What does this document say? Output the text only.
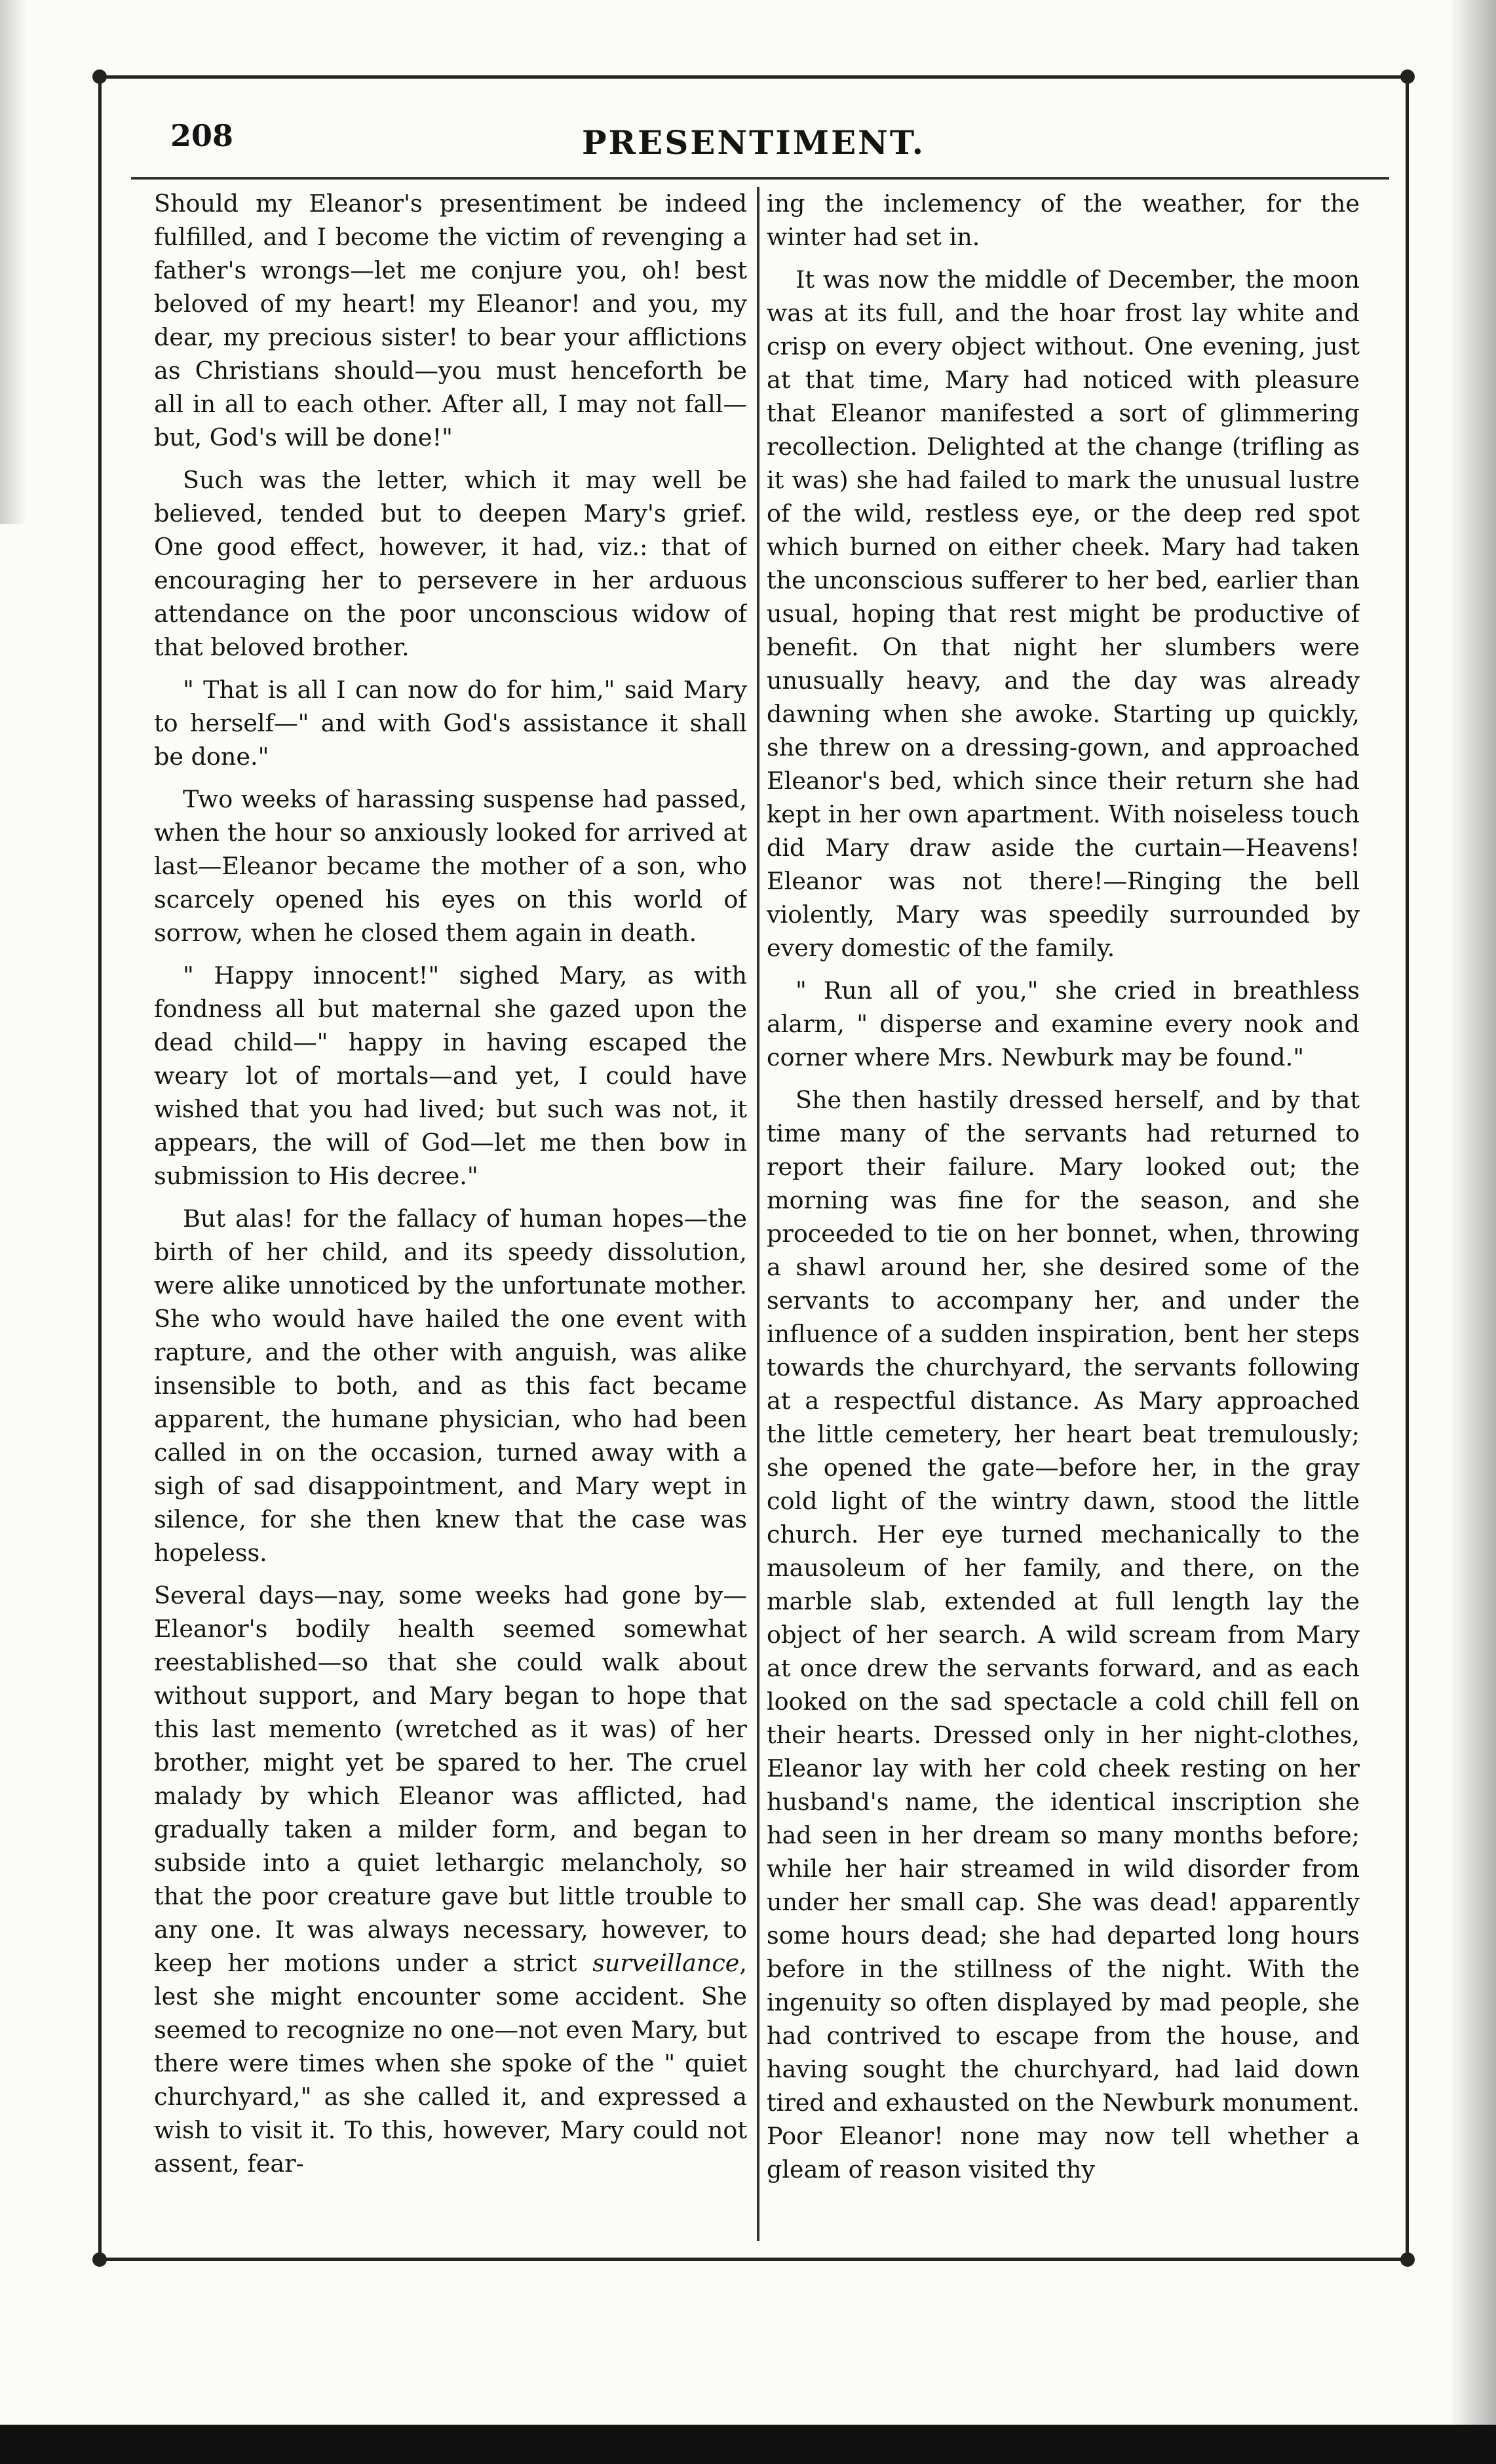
208	PRESENTIMENT.

Should my Eleanor's presentiment be indeed fulfilled, and I become the victim of revenging a father's wrongs—let me conjure you, oh! best beloved of my heart! my Eleanor! and you, my dear, my precious sister! to bear your afflictions as Christians should—you must henceforth be all in all to each other. After all, I may not fall—but, God's will be done!"

Such was the letter, which it may well be believed, tended but to deepen Mary's grief. One good effect, however, it had, viz.: that of encouraging her to persevere in her arduous attendance on the poor unconscious widow of that beloved brother.

" That is all I can now do for him," said Mary to herself—" and with God's assistance it shall be done."

Two weeks of harassing suspense had passed, when the hour so anxiously looked for arrived at last—Eleanor became the mother of a son, who scarcely opened his eyes on this world of sorrow, when he closed them again in death.

" Happy innocent!" sighed Mary, as with fondness all but maternal she gazed upon the dead child—" happy in having escaped the weary lot of mortals—and yet, I could have wished that you had lived; but such was not, it appears, the will of God—let me then bow in submission to His decree."

But alas! for the fallacy of human hopes—the birth of her child, and its speedy dissolution, were alike unnoticed by the unfortunate mother. She who would have hailed the one event with rapture, and the other with anguish, was alike insensible to both, and as this fact became apparent, the humane physician, who had been called in on the occasion, turned away with a sigh of sad disappointment, and Mary wept in silence, for she then knew that the case was hopeless.

Several days—nay, some weeks had gone by—Eleanor's bodily health seemed somewhat reestablished—so that she could walk about without support, and Mary began to hope that this last memento (wretched as it was) of her brother, might yet be spared to her. The cruel malady by which Eleanor was afflicted, had gradually taken a milder form, and began to subside into a quiet lethargic melancholy, so that the poor creature gave but little trouble to any one. It was always necessary, however, to keep her motions under a strict surveillance, lest she might encounter some accident. She seemed to recognize no one—not even Mary, but there were times when she spoke of the " quiet churchyard," as she called it, and expressed a wish to visit it. To this, however, Mary could not assent, fear-

ing the inclemency of the weather, for the winter had set in.

It was now the middle of December, the moon was at its full, and the hoar frost lay white and crisp on every object without. One evening, just at that time, Mary had noticed with pleasure that Eleanor manifested a sort of glimmering recollection. Delighted at the change (trifling as it was) she had failed to mark the unusual lustre of the wild, restless eye, or the deep red spot which burned on either cheek. Mary had taken the unconscious sufferer to her bed, earlier than usual, hoping that rest might be productive of benefit. On that night her slumbers were unusually heavy, and the day was already dawning when she awoke. Starting up quickly, she threw on a dressing-gown, and approached Eleanor's bed, which since their return she had kept in her own apartment. With noiseless touch did Mary draw aside the curtain—Heavens! Eleanor was not there!—Ringing the bell violently, Mary was speedily surrounded by every domestic of the family.

" Run all of you," she cried in breathless alarm, " disperse and examine every nook and corner where Mrs. Newburk may be found."

She then hastily dressed herself, and by that time many of the servants had returned to report their failure. Mary looked out; the morning was fine for the season, and she proceeded to tie on her bonnet, when, throwing a shawl around her, she desired some of the servants to accompany her, and under the influence of a sudden inspiration, bent her steps towards the churchyard, the servants following at a respectful distance. As Mary approached the little cemetery, her heart beat tremulously; she opened the gate—before her, in the gray cold light of the wintry dawn, stood the little church. Her eye turned mechanically to the mausoleum of her family, and there, on the marble slab, extended at full length lay the object of her search. A wild scream from Mary at once drew the servants forward, and as each looked on the sad spectacle a cold chill fell on their hearts. Dressed only in her night-clothes, Eleanor lay with her cold cheek resting on her husband's name, the identical inscription she had seen in her dream so many months before; while her hair streamed in wild disorder from under her small cap. She was dead! apparently some hours dead; she had departed long hours before in the stillness of the night. With the ingenuity so often displayed by mad people, she had contrived to escape from the house, and having sought the churchyard, had laid down tired and exhausted on the Newburk monument. Poor Eleanor! none may now tell whether a gleam of reason visited thy
